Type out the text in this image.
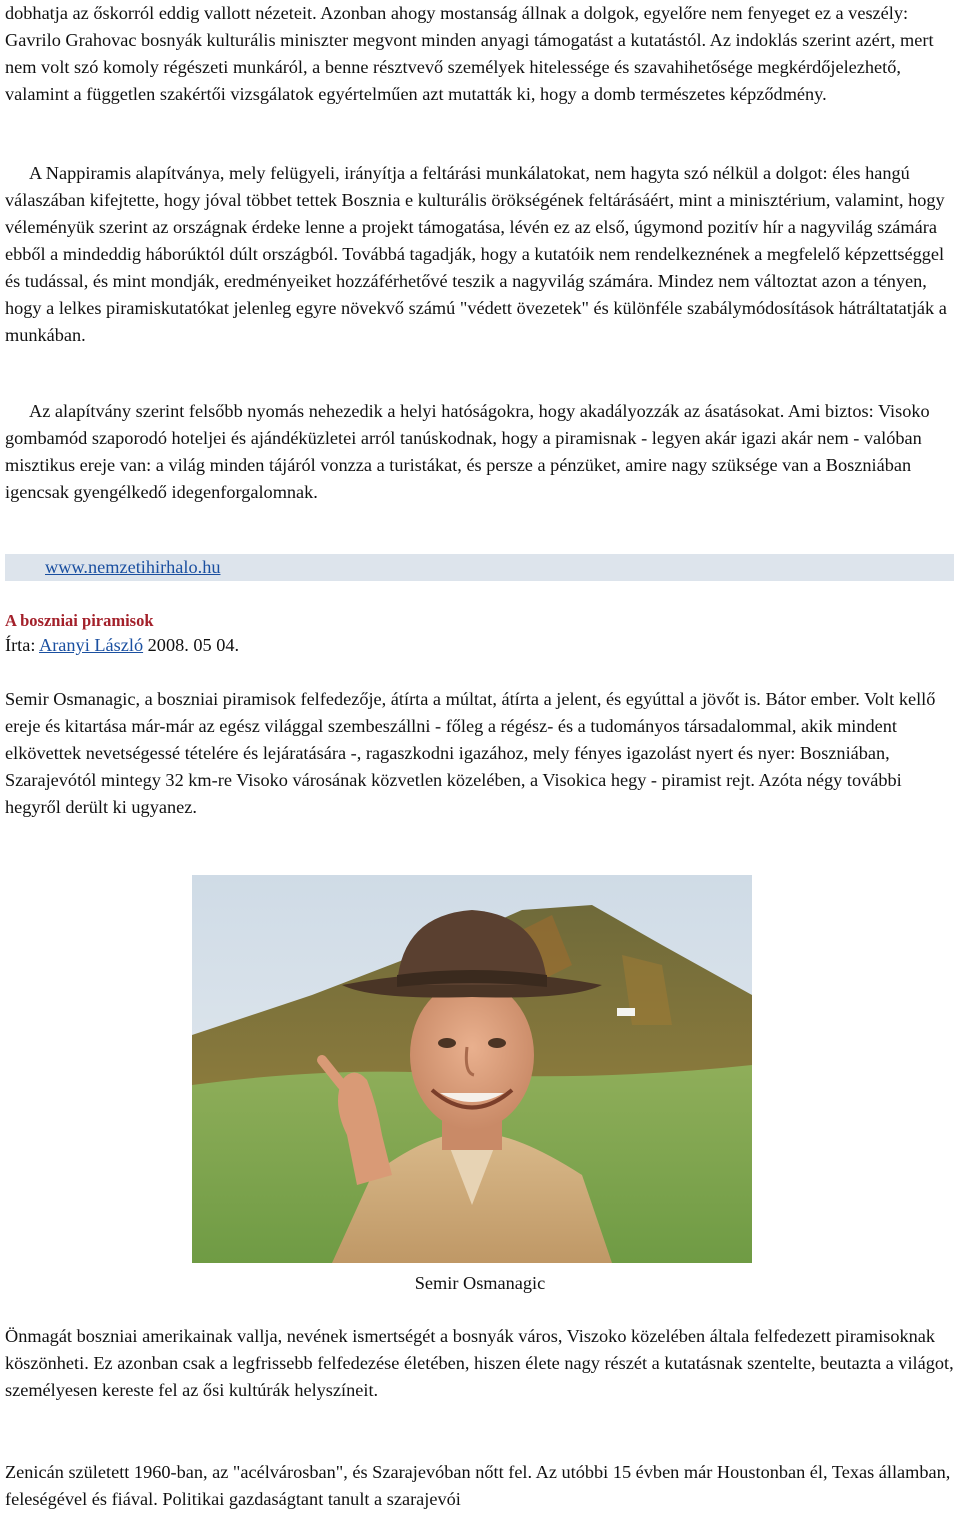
dobhatja az őskorról eddig vallott nézeteit. Azonban ahogy mostanság állnak a dolgok, egyelőre nem fenyeget ez a veszély: Gavrilo Grahovac bosnyák kulturális miniszter megvont minden anyagi támogatást a kutatástól. Az indoklás szerint azért, mert nem volt szó komoly régészeti munkáról, a benne résztvevő személyek hitelessége és szavahihetősége megkérdőjelezhető, valamint a független szakértői vizsgálatok egyértelműen azt mutatták ki, hogy a domb természetes képződmény.

A Nappiramis alapítványa, mely felügyeli, irányítja a feltárási munkálatokat, nem hagyta szó nélkül a dolgot: éles hangú válaszában kifejtette, hogy jóval többet tettek Bosznia e kulturális örökségének feltárásáért, mint a minisztérium, valamint, hogy véleményük szerint az országnak érdeke lenne a projekt támogatása, lévén ez az első, úgymond pozitív hír a nagyvilág számára ebből a mindeddig háborúktól dúlt országból. Továbbá tagadják, hogy a kutatóik nem rendelkeznének a megfelelő képzettséggel és tudással, és mint mondják, eredményeiket hozzáférhetővé teszik a nagyvilág számára. Mindez nem változtat azon a tényen, hogy a lelkes piramiskutatókat jelenleg egyre növekvő számú "védett övezetek" és különféle szabálymódosítások hátráltatatják a munkában.

Az alapítvány szerint felsőbb nyomás nehezedik a helyi hatóságokra, hogy akadályozzák az ásatásokat. Ami biztos: Visoko gombamód szaporodó hoteljei és ajándéküzletei arról tanúskodnak, hogy a piramisnak - legyen akár igazi akár nem - valóban misztikus ereje van: a világ minden tájáról vonzza a turistákat, és persze a pénzüket, amire nagy szüksége van a Boszniában igencsak gyengélkedő idegenforgalomnak.

www.nemzetihirhalo.hu
A boszniai piramisok
Írta: Aranyi László 2008. 05 04.

Semir Osmanagic, a boszniai piramisok felfedezője, átírta a múltat, átírta a jelent, és egyúttal a jövőt is. Bátor ember. Volt kellő ereje és kitartása már-már az egész világgal szembeszállni - főleg a régész- és a tudományos társadalommal, akik mindent elkövettek nevetségessé tételére és lejáratására -, ragaszkodni igazához, mely fényes igazolást nyert és nyer: Boszniában, Szarajevótól mintegy 32 km-re Visoko városának közvetlen közelében, a Visokica hegy - piramist rejt. Azóta négy további hegyről derült ki ugyanez.

Semir Osmanagic

Önmagát boszniai amerikainak vallja, nevének ismertségét a bosnyák város, Viszoko közelében általa felfedezett piramisoknak köszönheti. Ez azonban csak a legfrissebb felfedezése életében, hiszen élete nagy részét a kutatásnak szentelte, beutazta a világot, személyesen kereste fel az ősi kultúrák helyszíneit.

Zenicán született 1960-ban, az "acélvárosban", és Szarajevóban nőtt fel. Az utóbbi 15 évben már Houstonban él, Texas államban, feleségével és fiával. Politikai gazdaságtant tanult a szarajevói
